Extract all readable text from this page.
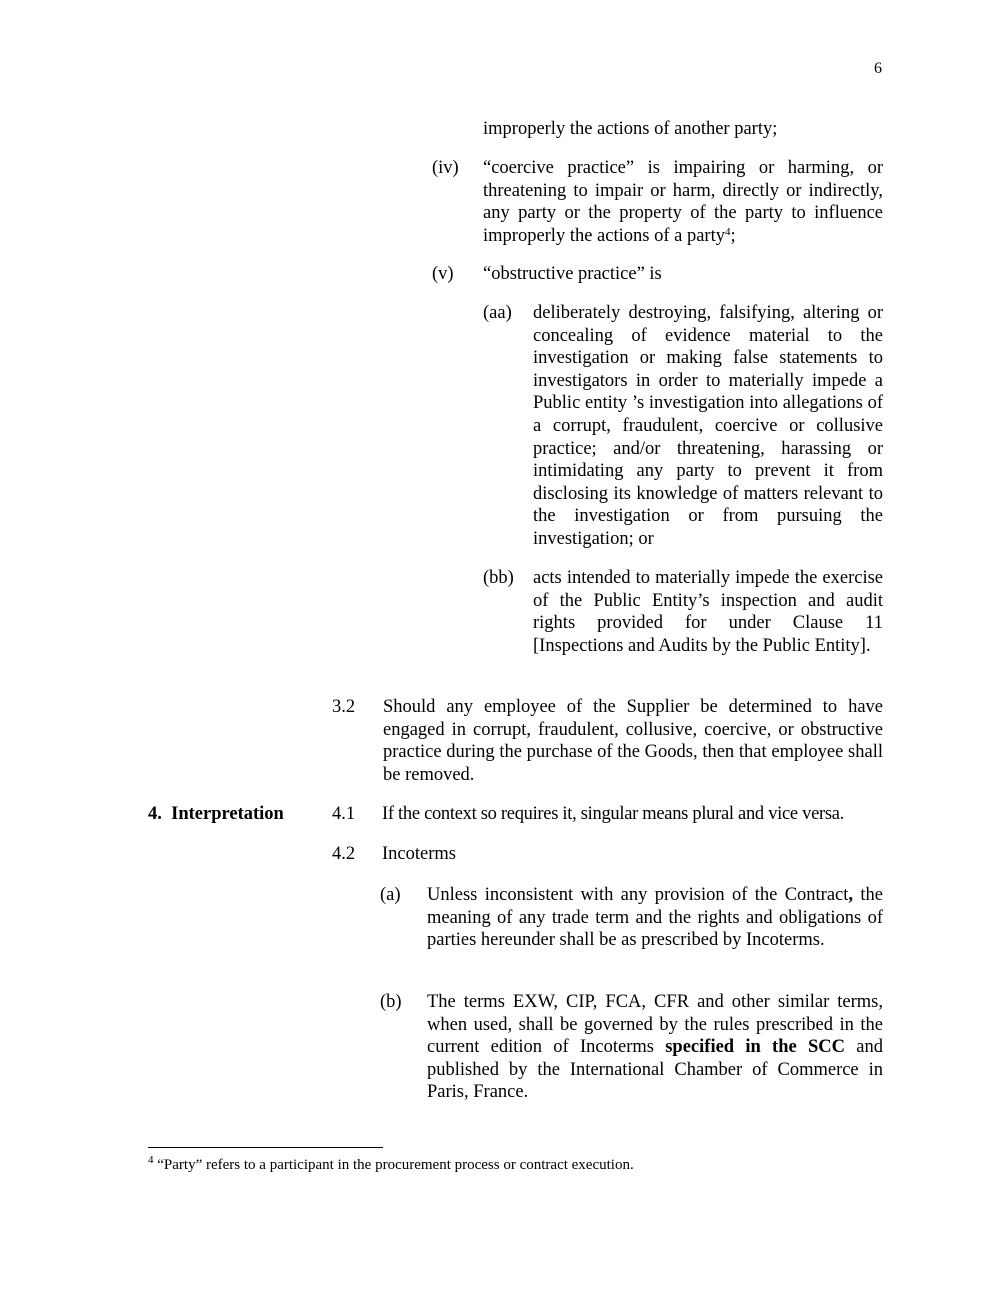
6
improperly the actions of another party;
(iv) “coercive practice” is impairing or harming, or threatening to impair or harm, directly or indirectly, any party or the property of the party to influence improperly the actions of a party$^4$;
(v) “obstructive practice” is
(aa) deliberately destroying, falsifying, altering or concealing of evidence material to the investigation or making false statements to investigators in order to materially impede a Public entity ’s investigation into allegations of a corrupt, fraudulent, coercive or collusive practice; and/or threatening, harassing or intimidating any party to prevent it from disclosing its knowledge of matters relevant to the investigation or from pursuing the investigation; or
(bb) acts intended to materially impede the exercise of the Public Entity’s inspection and audit rights provided for under Clause 11 [Inspections and Audits by the Public Entity].
3.2 Should any employee of the Supplier be determined to have engaged in corrupt, fraudulent, collusive, coercive, or obstructive practice during the purchase of the Goods, then that employee shall be removed.
4.  Interpretation	4.1 If the context so requires it, singular means plural and vice versa.
4.2 Incoterms
(a) Unless inconsistent with any provision of the Contract, the meaning of any trade term and the rights and obligations of parties hereunder shall be as prescribed by Incoterms.
(b) The terms EXW, CIP, FCA, CFR and other similar terms, when used, shall be governed by the rules prescribed in the current edition of Incoterms specified in the SCC and published by the International Chamber of Commerce in Paris, France.
$^4$ “Party” refers to a participant in the procurement process or contract execution.
